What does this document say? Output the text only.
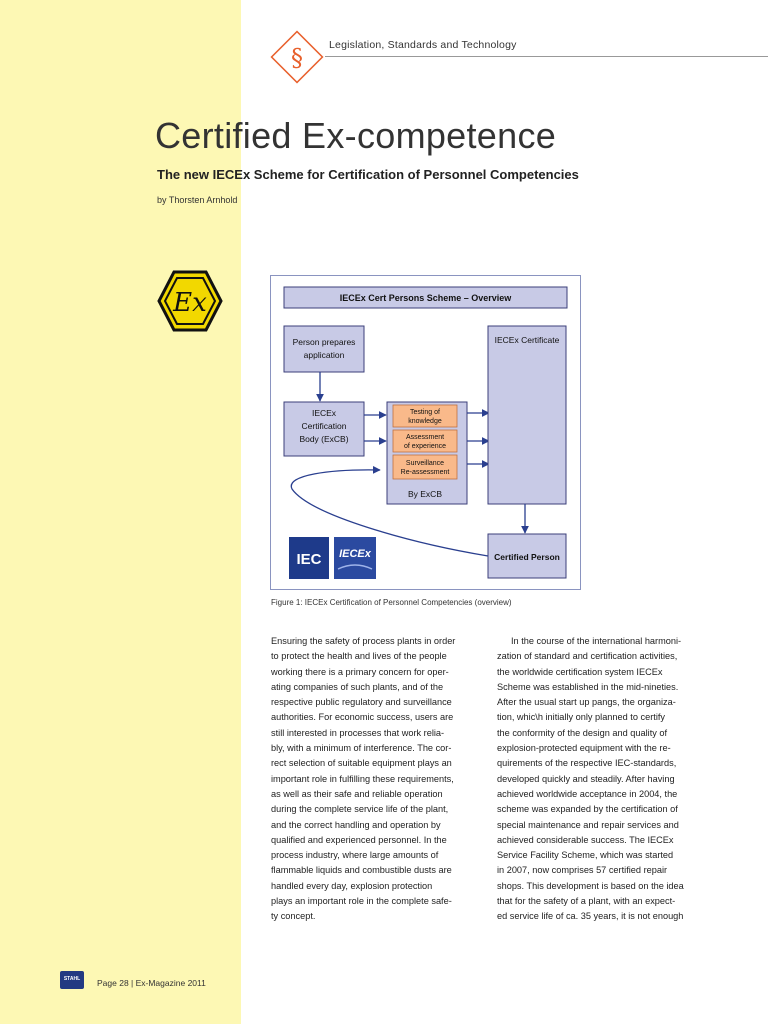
§ Legislation, Standards and Technology
Certified Ex-competence
The new IECEx Scheme for Certification of Personnel Competencies
by Thorsten Arnhold
Ex	IECEx Cert Persons Scheme – Overview
Person prepares
application
IECEx
Certification
Body (ExCB)
Testing of
knowledge
Assessment
of experience
Surveillance
Re-assessment
By ExCB
IECEx Certificate
Certified Person
IEC IECEx
Figure 1: IECEx Certification of Personnel Competencies (overview)
Ensuring the safety of process plants in order
to protect the health and lives of the people
working there is a primary concern for oper-
ating companies of such plants, and of the
respective public regulatory and surveillance
authorities. For economic success, users are
still interested in processes that work relia-
bly, with a minimum of interference. The cor-
rect selection of suitable equipment plays an
important role in fulfilling these requirements,
as well as their safe and reliable operation
during the complete service life of the plant,
and the correct handling and operation by
qualified and experienced personnel. In the
process industry, where large amounts of
flammable liquids and combustible dusts are
handled every day, explosion protection
plays an important role in the complete safe-
ty concept.
In the course of the international harmoni-
zation of standard and certification activities,
the worldwide certification system IECEx
Scheme was established in the mid-nineties.
After the usual start up pangs, the organiza-
tion, whic\h initially only planned to certify
the conformity of the design and quality of
explosion-protected equipment with the re-
quirements of the respective IEC-standards,
developed quickly and steadily. After having
achieved worldwide acceptance in 2004, the
scheme was expanded by the certification of
special maintenance and repair services and
achieved considerable success. The IECEx
Service Facility Scheme, which was started
in 2007, now comprises 57 certified repair
shops. This development is based on the idea
that for the safety of a plant, with an expect-
ed service life of ca. 35 years, it is not enough
STAHL	Page 28 | Ex-Magazine 2011
